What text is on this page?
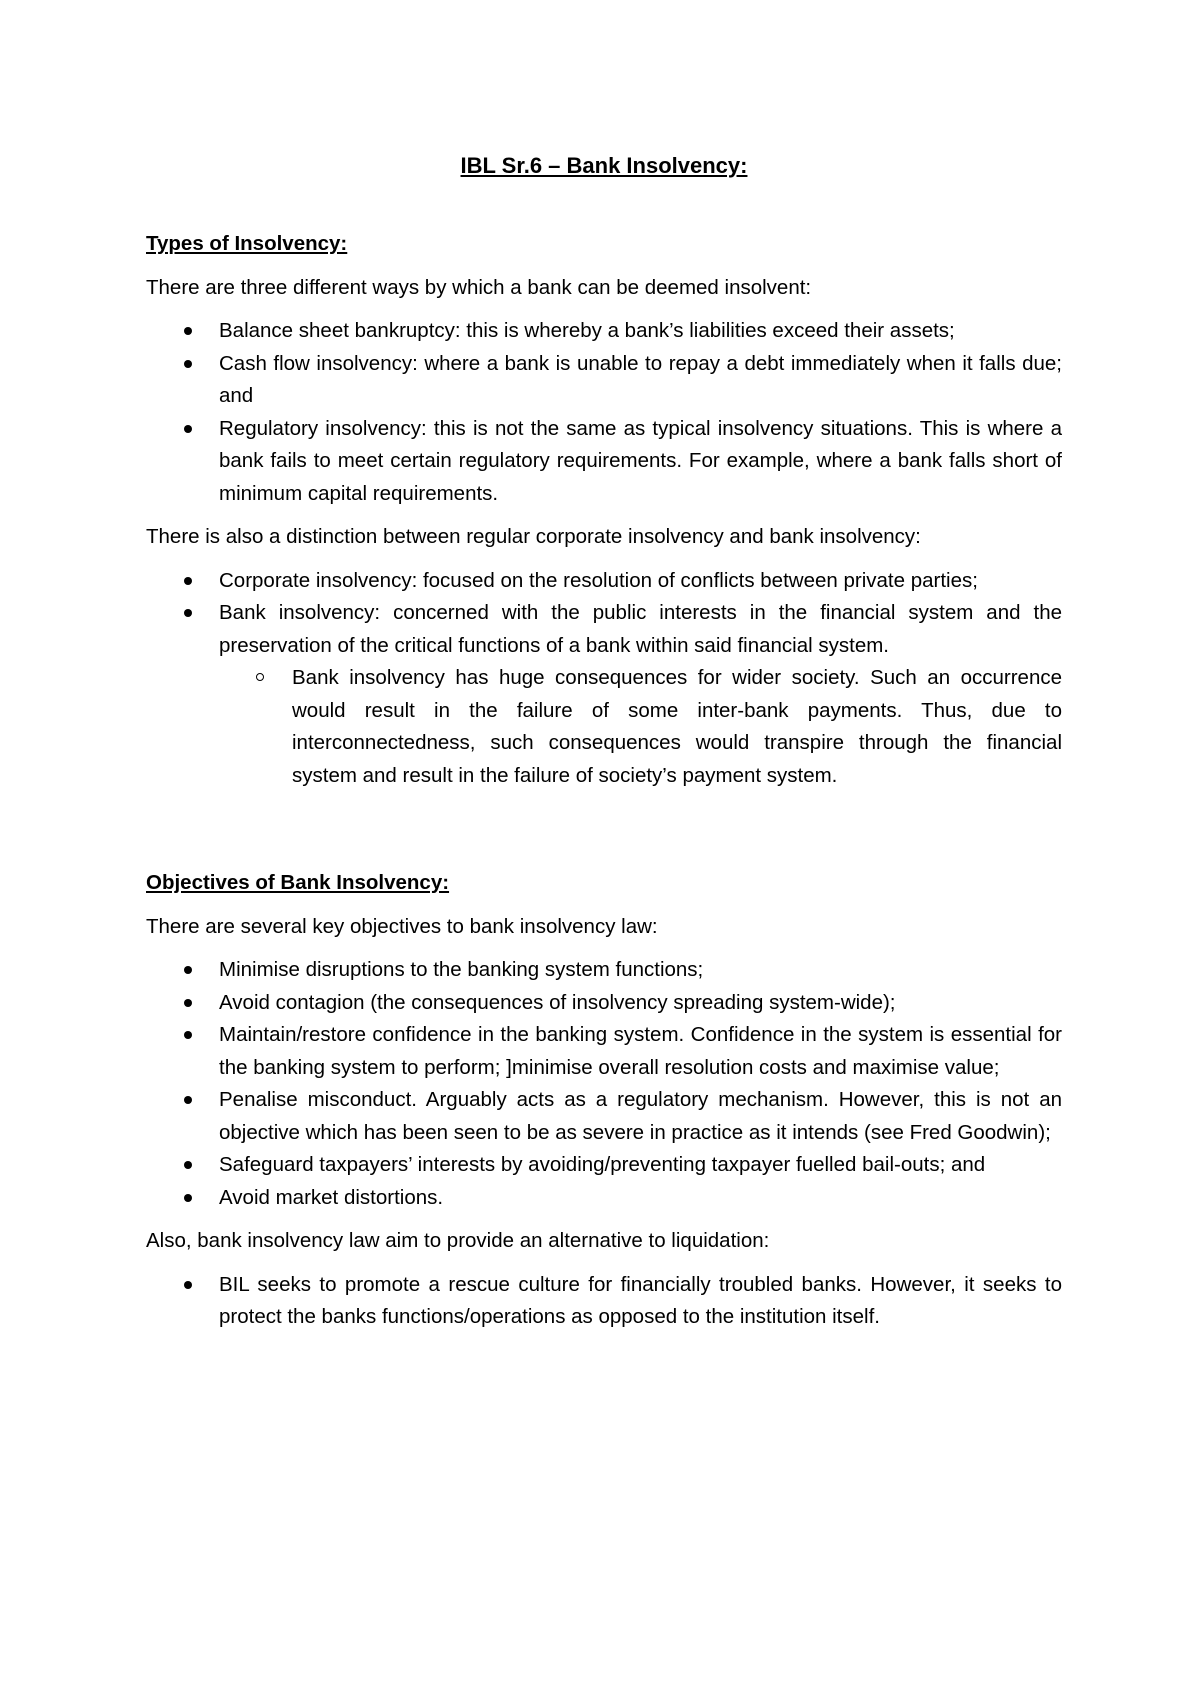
IBL Sr.6 – Bank Insolvency:

Types of Insolvency:

There are three different ways by which a bank can be deemed insolvent:

Balance sheet bankruptcy: this is whereby a bank’s liabilities exceed their assets;
Cash flow insolvency: where a bank is unable to repay a debt immediately when it falls due; and
Regulatory insolvency: this is not the same as typical insolvency situations. This is where a bank fails to meet certain regulatory requirements. For example, where a bank falls short of minimum capital requirements.

There is also a distinction between regular corporate insolvency and bank insolvency:

Corporate insolvency: focused on the resolution of conflicts between private parties;
Bank insolvency: concerned with the public interests in the financial system and the preservation of the critical functions of a bank within said financial system.
Bank insolvency has huge consequences for wider society. Such an occurrence would result in the failure of some inter-bank payments. Thus, due to interconnectedness, such consequences would transpire through the financial system and result in the failure of society’s payment system.

Objectives of Bank Insolvency:

There are several key objectives to bank insolvency law:

Minimise disruptions to the banking system functions;
Avoid contagion (the consequences of insolvency spreading system-wide);
Maintain/restore confidence in the banking system. Confidence in the system is essential for the banking system to perform; ]minimise overall resolution costs and maximise value;
Penalise misconduct. Arguably acts as a regulatory mechanism. However, this is not an objective which has been seen to be as severe in practice as it intends (see Fred Goodwin);
Safeguard taxpayers’ interests by avoiding/preventing taxpayer fuelled bail-outs; and
Avoid market distortions.

Also, bank insolvency law aim to provide an alternative to liquidation:

BIL seeks to promote a rescue culture for financially troubled banks. However, it seeks to protect the banks functions/operations as opposed to the institution itself.
